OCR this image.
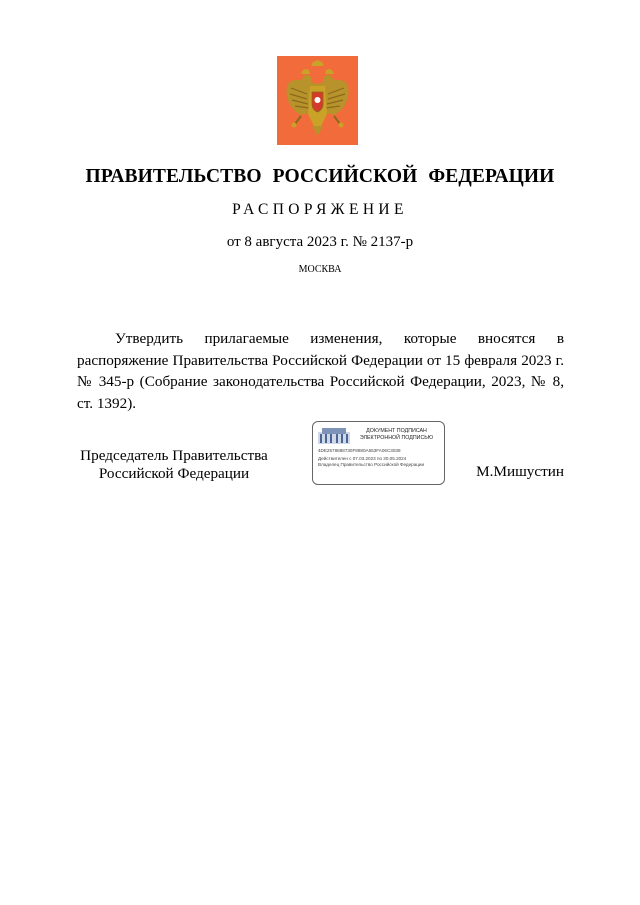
ПРАВИТЕЛЬСТВО РОССИЙСКОЙ ФЕДЕРАЦИИ
РАСПОРЯЖЕНИЕ
от 8 августа 2023 г. № 2137-р
МОСКВА
Утвердить прилагаемые изменения, которые вносятся в распоряжение Правительства Российской Федерации от 15 февраля 2023 г. № 345-р (Собрание законодательства Российской Федерации, 2023, № 8, ст. 1392).
Председатель Правительства
Российской Федерации
ДОКУМЕНТ ПОДПИСАН
ЭЛЕКТРОННОЙ ПОДПИСЬЮ
4DE2578888730F8880A653FA06C3038
Действителен с 07.03.2023 по 30.05.2024
Владелец Правительство Российской Федерации	М.Мишустин
